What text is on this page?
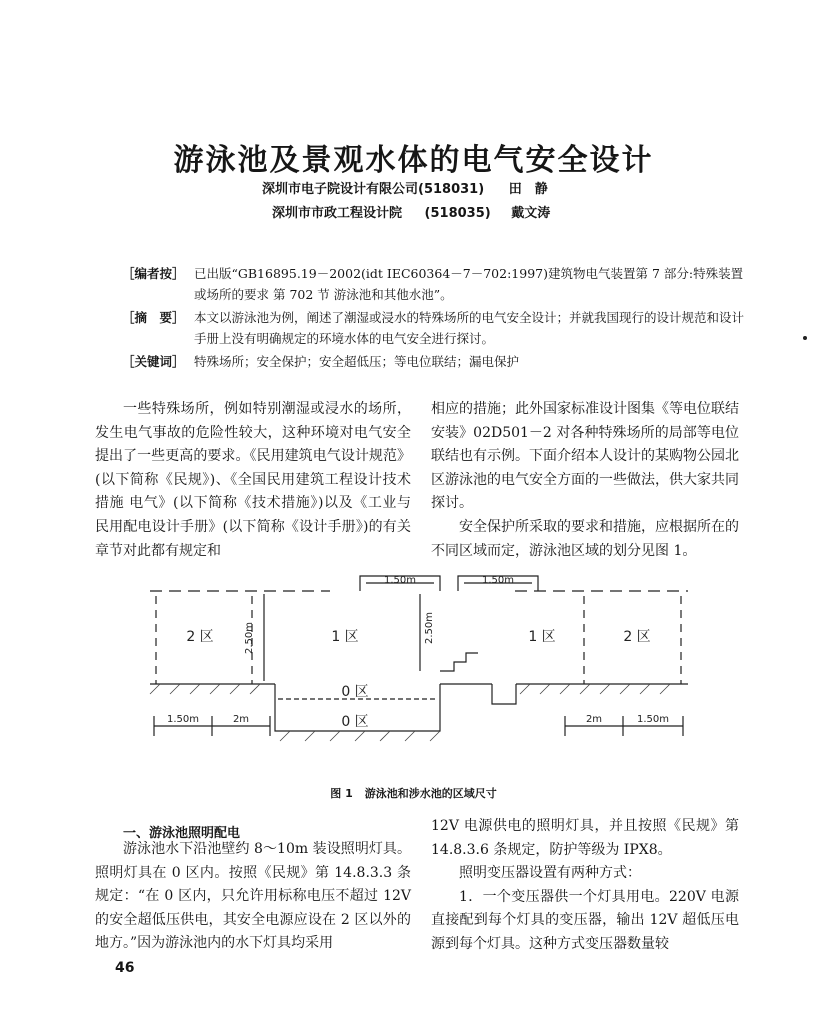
游泳池及景观水体的电气安全设计
深圳市电子院设计有限公司(518031) 田　静
深圳市市政工程设计院 (518035) 戴文涛
［编者按］ 已出版“GB16895.19－2002(idt IEC60364－7－702:1997)建筑物电气装置第 7 部分:特殊装置或场所的要求 第 702 节 游泳池和其他水池”。
［摘　要］ 本文以游泳池为例，阐述了潮湿或浸水的特殊场所的电气安全设计；并就我国现行的设计规范和设计手册上没有明确规定的环境水体的电气安全进行探讨。
［关键词］ 特殊场所；安全保护；安全超低压；等电位联结；漏电保护

一些特殊场所，例如特别潮湿或浸水的场所，发生电气事故的危险性较大，这种环境对电气安全提出了一些更高的要求。《民用建筑电气设计规范》(以下简称《民规》)、《全国民用建筑工程设计技术措施 电气》(以下简称《技术措施》)以及《工业与民用配电设计手册》(以下简称《设计手册》)的有关章节对此都有规定和

相应的措施；此外国家标准设计图集《等电位联结安装》02D501－2 对各种特殊场所的局部等电位联结也有示例。下面介绍本人设计的某购物公园北区游泳池的电气安全方面的一些做法，供大家共同探讨。

安全保护所采取的要求和措施，应根据所在的不同区域而定，游泳池区域的划分见图 1。

2 区	1 区	1 区	2 区
0 区
0 区
1.50m	1.50m
2.50m	2.50m
1.50m	2m	2m	1.50m
图 1 游泳池和涉水池的区域尺寸
一、游泳池照明配电

游泳池水下沿池壁约 8～10m 装设照明灯具。照明灯具在 0 区内。按照《民规》第 14.8.3.3 条规定：“在 0 区内，只允许用标称电压不超过 12V 的安全超低压供电，其安全电源应设在 2 区以外的地方。”因为游泳池内的水下灯具均采用

12V 电源供电的照明灯具，并且按照《民规》第 14.8.3.6 条规定，防护等级为 IPX8。

照明变压器设置有两种方式：

1．一个变压器供一个灯具用电。220V 电源直接配到每个灯具的变压器，输出 12V 超低压电源到每个灯具。这种方式变压器数量较

46
